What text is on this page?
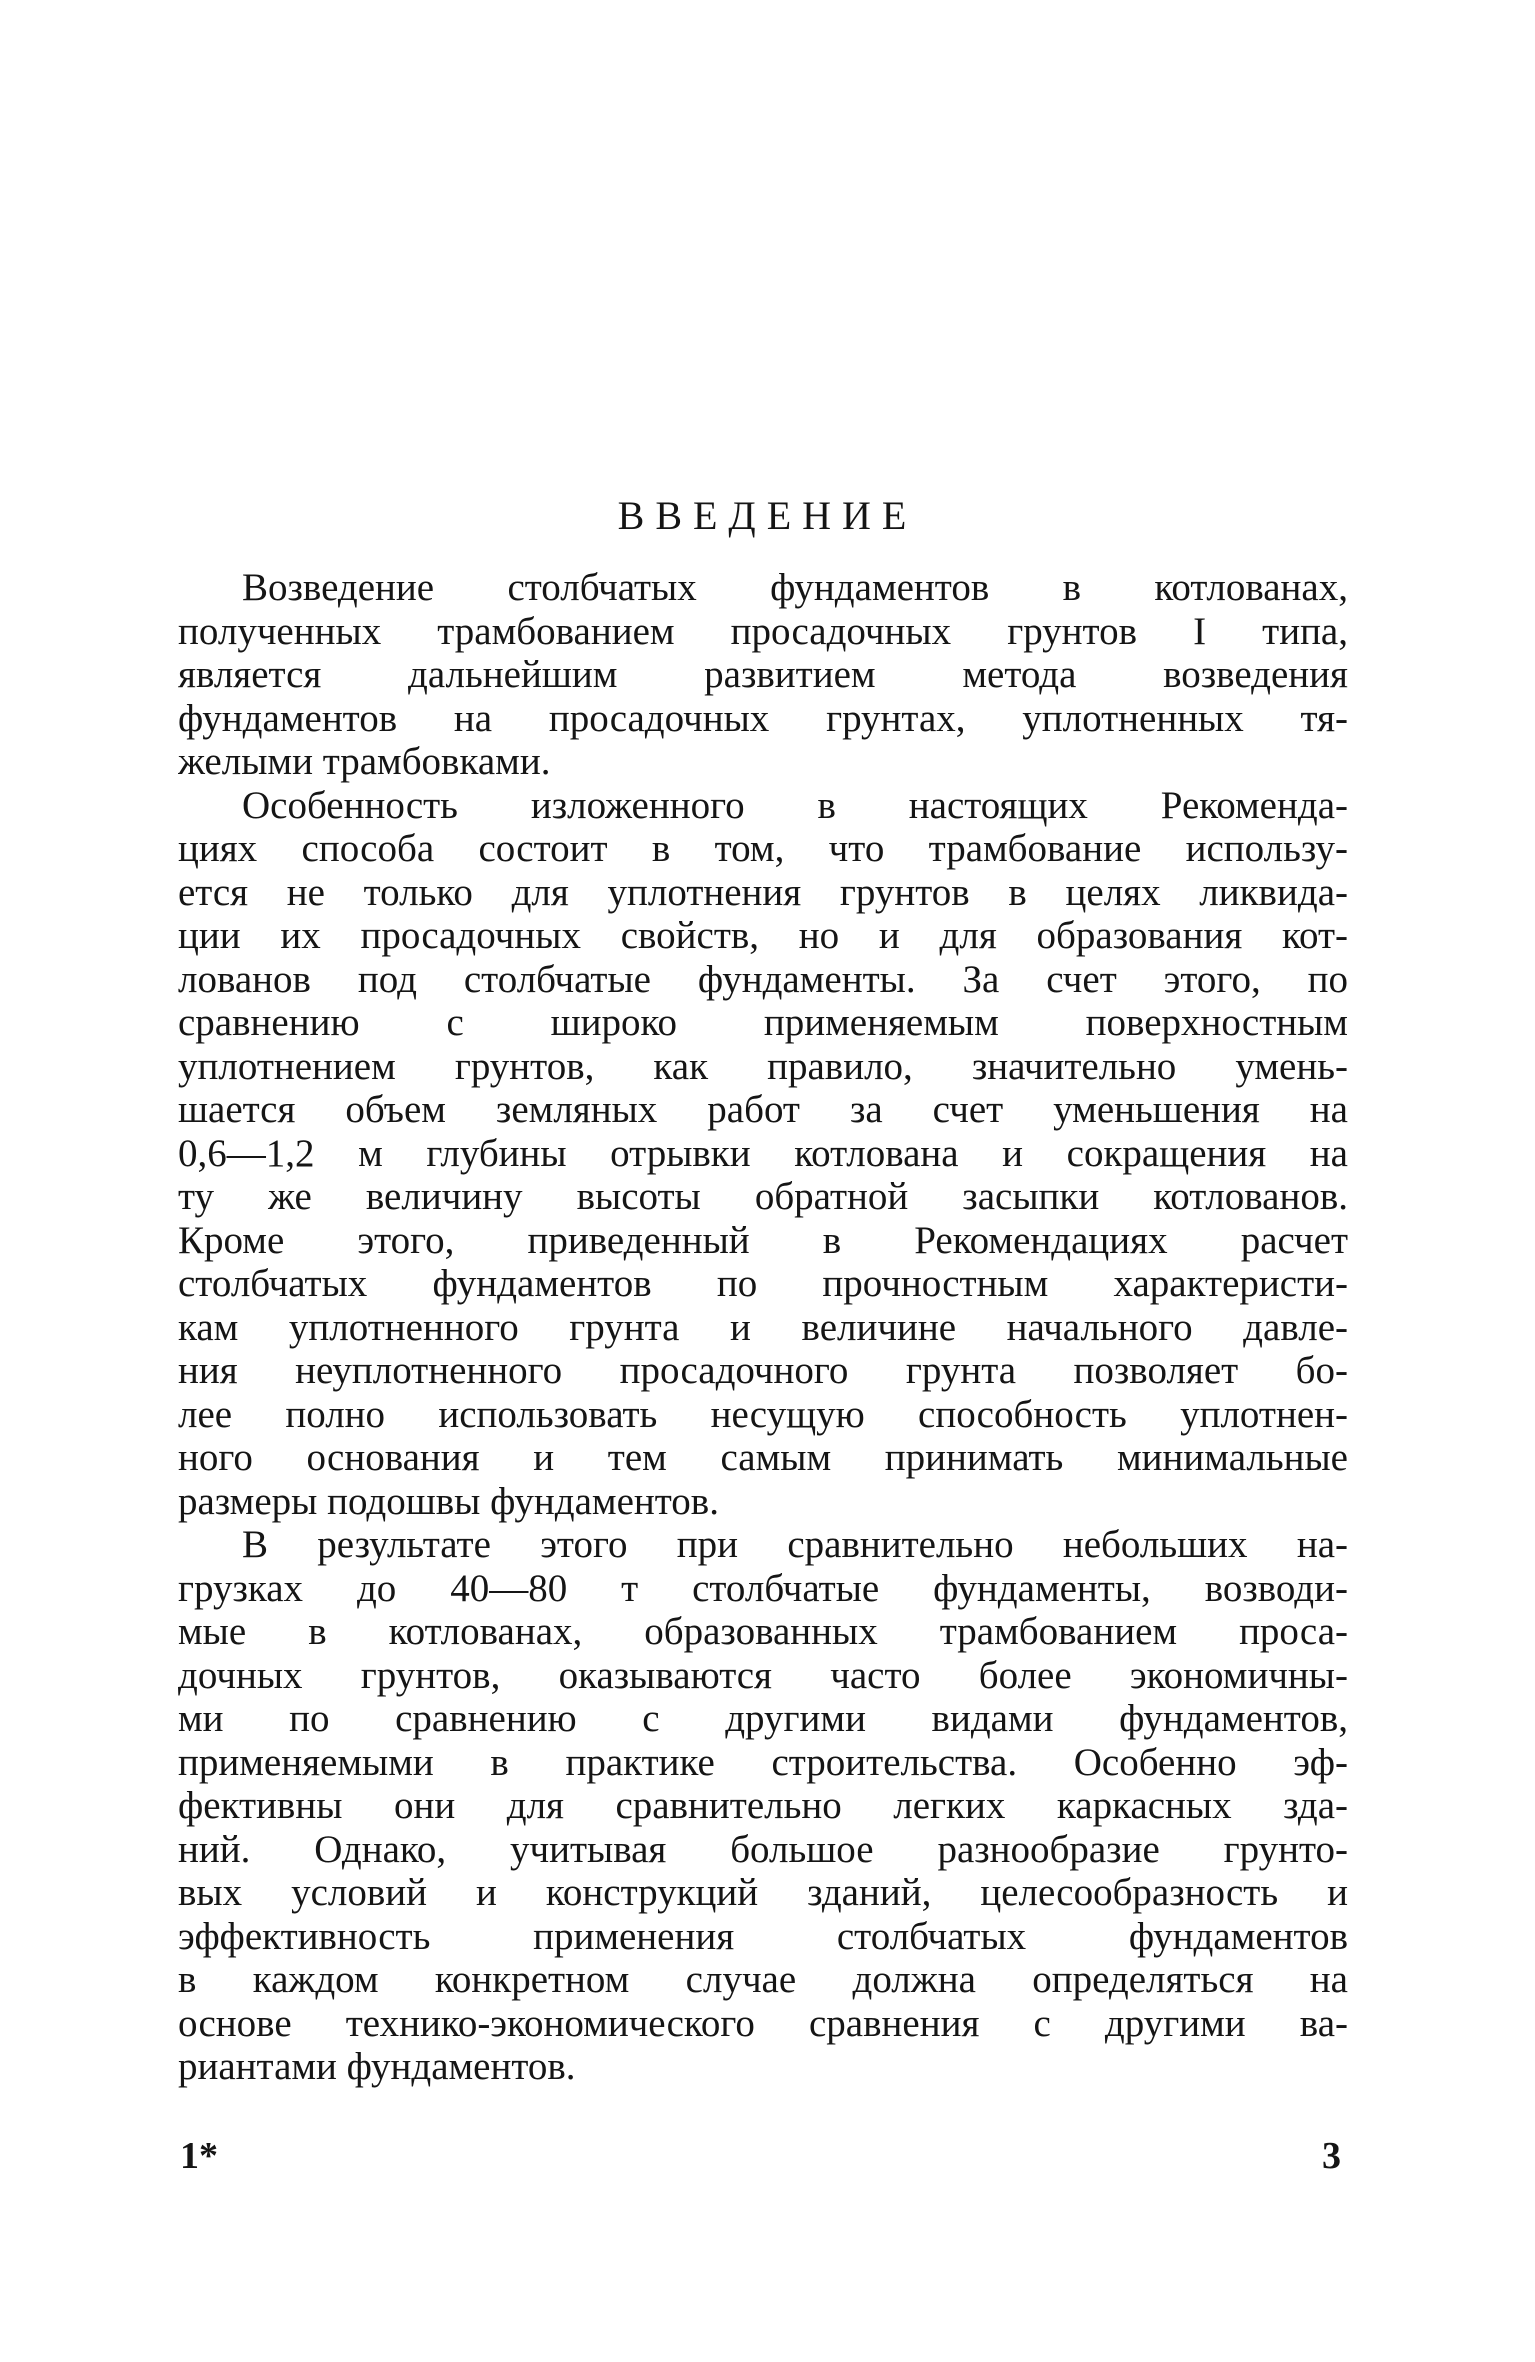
ВВЕДЕНИЕ
Возведение столбчатых фундаментов в котлованах,
полученных трамбованием просадочных грунтов I типа,
является дальнейшим развитием метода возведения
фундаментов на просадочных грунтах, уплотненных тя-
желыми трамбовками.
Особенность изложенного в настоящих Рекоменда-
циях способа состоит в том, что трамбование использу-
ется не только для уплотнения грунтов в целях ликвида-
ции их просадочных свойств, но и для образования кот-
лованов под столбчатые фундаменты. За счет этого, по
сравнению с широко применяемым поверхностным
уплотнением грунтов, как правило, значительно умень-
шается объем земляных работ за счет уменьшения на
0,6—1,2 м глубины отрывки котлована и сокращения на
ту же величину высоты обратной засыпки котлованов.
Кроме этого, приведенный в Рекомендациях расчет
столбчатых фундаментов по прочностным характеристи-
кам уплотненного грунта и величине начального давле-
ния неуплотненного просадочного грунта позволяет бо-
лее полно использовать несущую способность уплотнен-
ного основания и тем самым принимать минимальные
размеры подошвы фундаментов.
В результате этого при сравнительно небольших на-
грузках до 40—80 т столбчатые фундаменты, возводи-
мые в котлованах, образованных трамбованием проса-
дочных грунтов, оказываются часто более экономичны-
ми по сравнению с другими видами фундаментов,
применяемыми в практике строительства. Особенно эф-
фективны они для сравнительно легких каркасных зда-
ний. Однако, учитывая большое разнообразие грунто-
вых условий и конструкций зданий, целесообразность и
эффективность применения столбчатых фундаментов
в каждом конкретном случае должна определяться на
основе технико-экономического сравнения с другими ва-
риантами фундаментов.
1*	3
